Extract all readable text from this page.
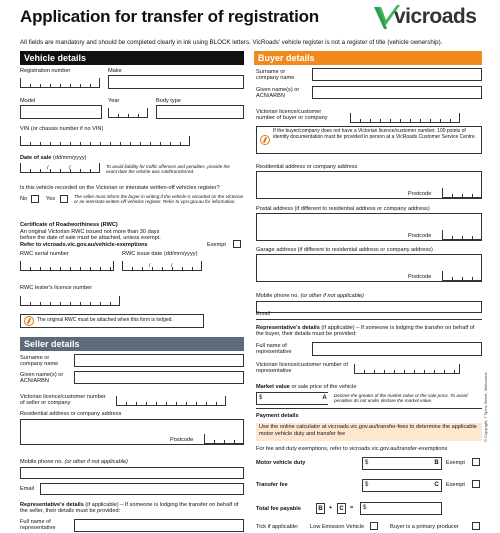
Application for transfer of registration	vicroads
All fields are mandatory and should be completed clearly in ink using BLOCK letters. VicRoads' vehicle register is not a register of title (vehicle ownership).
Vehicle details
Registration number	Make
Model	Year	Body type
VIN (or chassis number if no VIN)
Date of sale (dd/mm/yyyy)
/	/	To avoid liability for traffic offences and penalties, provide the exact date the vehicle was sold/transferred.
Is this vehicle recorded on the Victorian or interstate written-off vehicles register?
No	Yes	The seller must inform the buyer in writing if the vehicle is recorded on the Victorian or an interstate written-off vehicles register. Refer to vpsr.gov.au for information.
Certificate of Roadworthiness (RWC)
An original Victorian RWC issued not more than 30 days
before the date of sale must be attached, unless exempt.
Refer to vicroads.vic.gov.au/vehicle-exemptions	Exempt
RWC serial number	RWC issue date (dd/mm/yyyy)
/	/
RWC tester's licence number
The original RWC must be attached when this form is lodged.
Seller details
Surname or company name
Given name(s) or ACN/ARBN
Victorian licence/customer number of seller or company
Residential address or company address
Postcode
Mobile phone no. (or other if not applicable)
Email
Representative's details (if applicable) – If someone is lodging the transfer on behalf of the seller, their details must be provided:
Full name of representative
Buyer details
Surname or company name
Given name(s) or ACN/ARBN
Victorian licence/customer number of buyer or company
If the buyer/company does not have a Victorian licence/customer number, 100 points of identity documentation must be provided in person at a VicRoads Customer Service Centre.
Residential address or company address
Postcode
Postal address (if different to residential address or company address)
Postcode
Garage address (if different to residential address or company address)
Postcode
Mobile phone no. (or other if not applicable)
Email
Representative's details (if applicable) – If someone is lodging the transfer on behalf of the buyer, their details must be provided:
Full name of representative
Victorian licence/customer number of representative
Market value or sale price of the vehicle
$	A	Declare the greater of the market value or the sale price. To avoid penalties do not under declare the market value.
Payment details
Use the online calculator at vicroads.vic.gov.au/transfer-fees to determine the applicable motor vehicle duty and transfer fee
For fee and duty exemptions, refer to vicroads.vic.gov.au/transfer-exemptions
Motor vehicle duty	$	B	Exempt
Transfer fee	$	C	Exempt
Total fee payable	B	+	C	= $
Tick if applicable: Low Emission Vehicle	Buyer is a primary producer
© Copyright, 7 Sjons Street, Melbourne
